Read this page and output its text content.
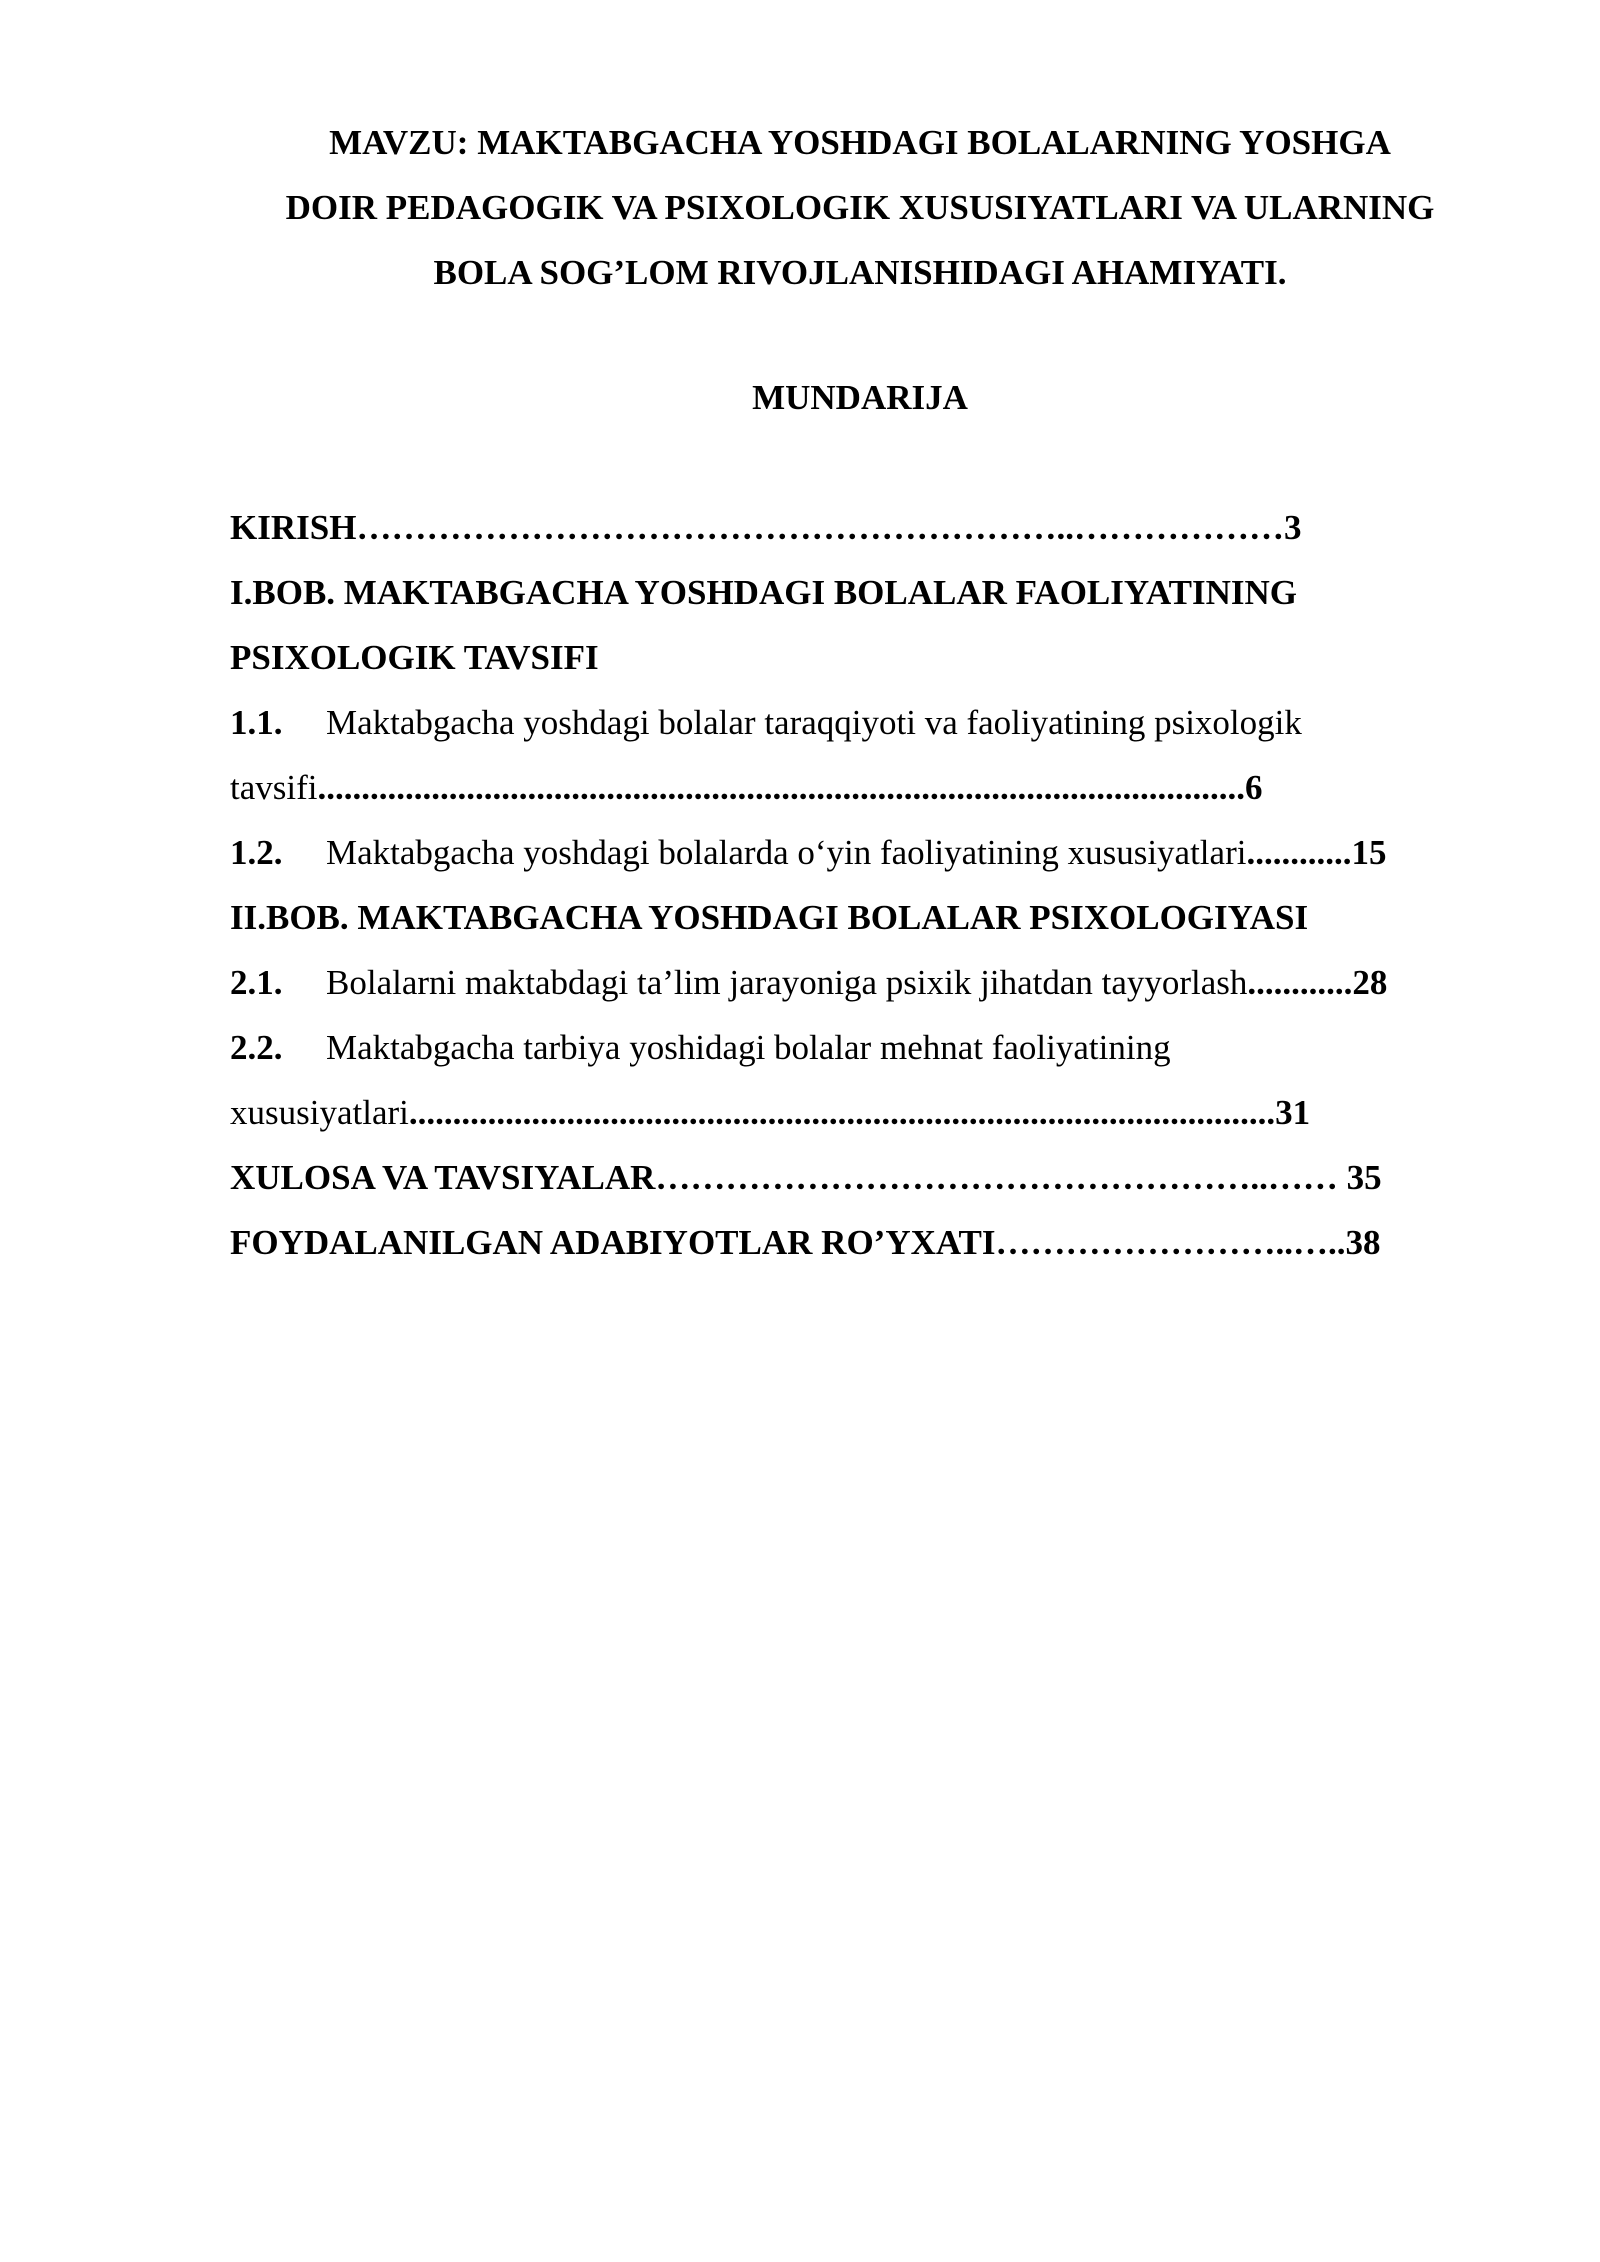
MAVZU: MAKTABGACHA YOSHDAGI BOLALARNING YOSHGA
DOIR PEDAGOGIK VA PSIXOLOGIK XUSUSIYATLARI VA ULARNING
BOLA SOG’LOM RIVOJLANISHIDAGI AHAMIYATI.
MUNDARIJA
KIRISH……………………………………………………..………………3
I.BOB. MAKTABGACHA YOSHDAGI BOLALAR FAOLIYATINING
PSIXOLOGIK TAVSIFI
1.1. Maktabgacha yoshdagi bolalar taraqqiyoti va faoliyatining psixologik
tavsifi..........................................................................................................6
1.2. Maktabgacha yoshdagi bolalarda o‘yin faoliyatining xususiyatlari............15
II.BOB. MAKTABGACHA YOSHDAGI BOLALAR PSIXOLOGIYASI
2.1. Bolalarni maktabdagi ta’lim jarayoniga psixik jihatdan tayyorlash............28
2.2. Maktabgacha tarbiya yoshidagi bolalar mehnat faoliyatining
xususiyatlari...................................................................................................31
XULOSA VA TAVSIYALAR……………………………………………..…… 35
FOYDALANILGAN ADABIYOTLAR RO’YXATI……………………..…..38
